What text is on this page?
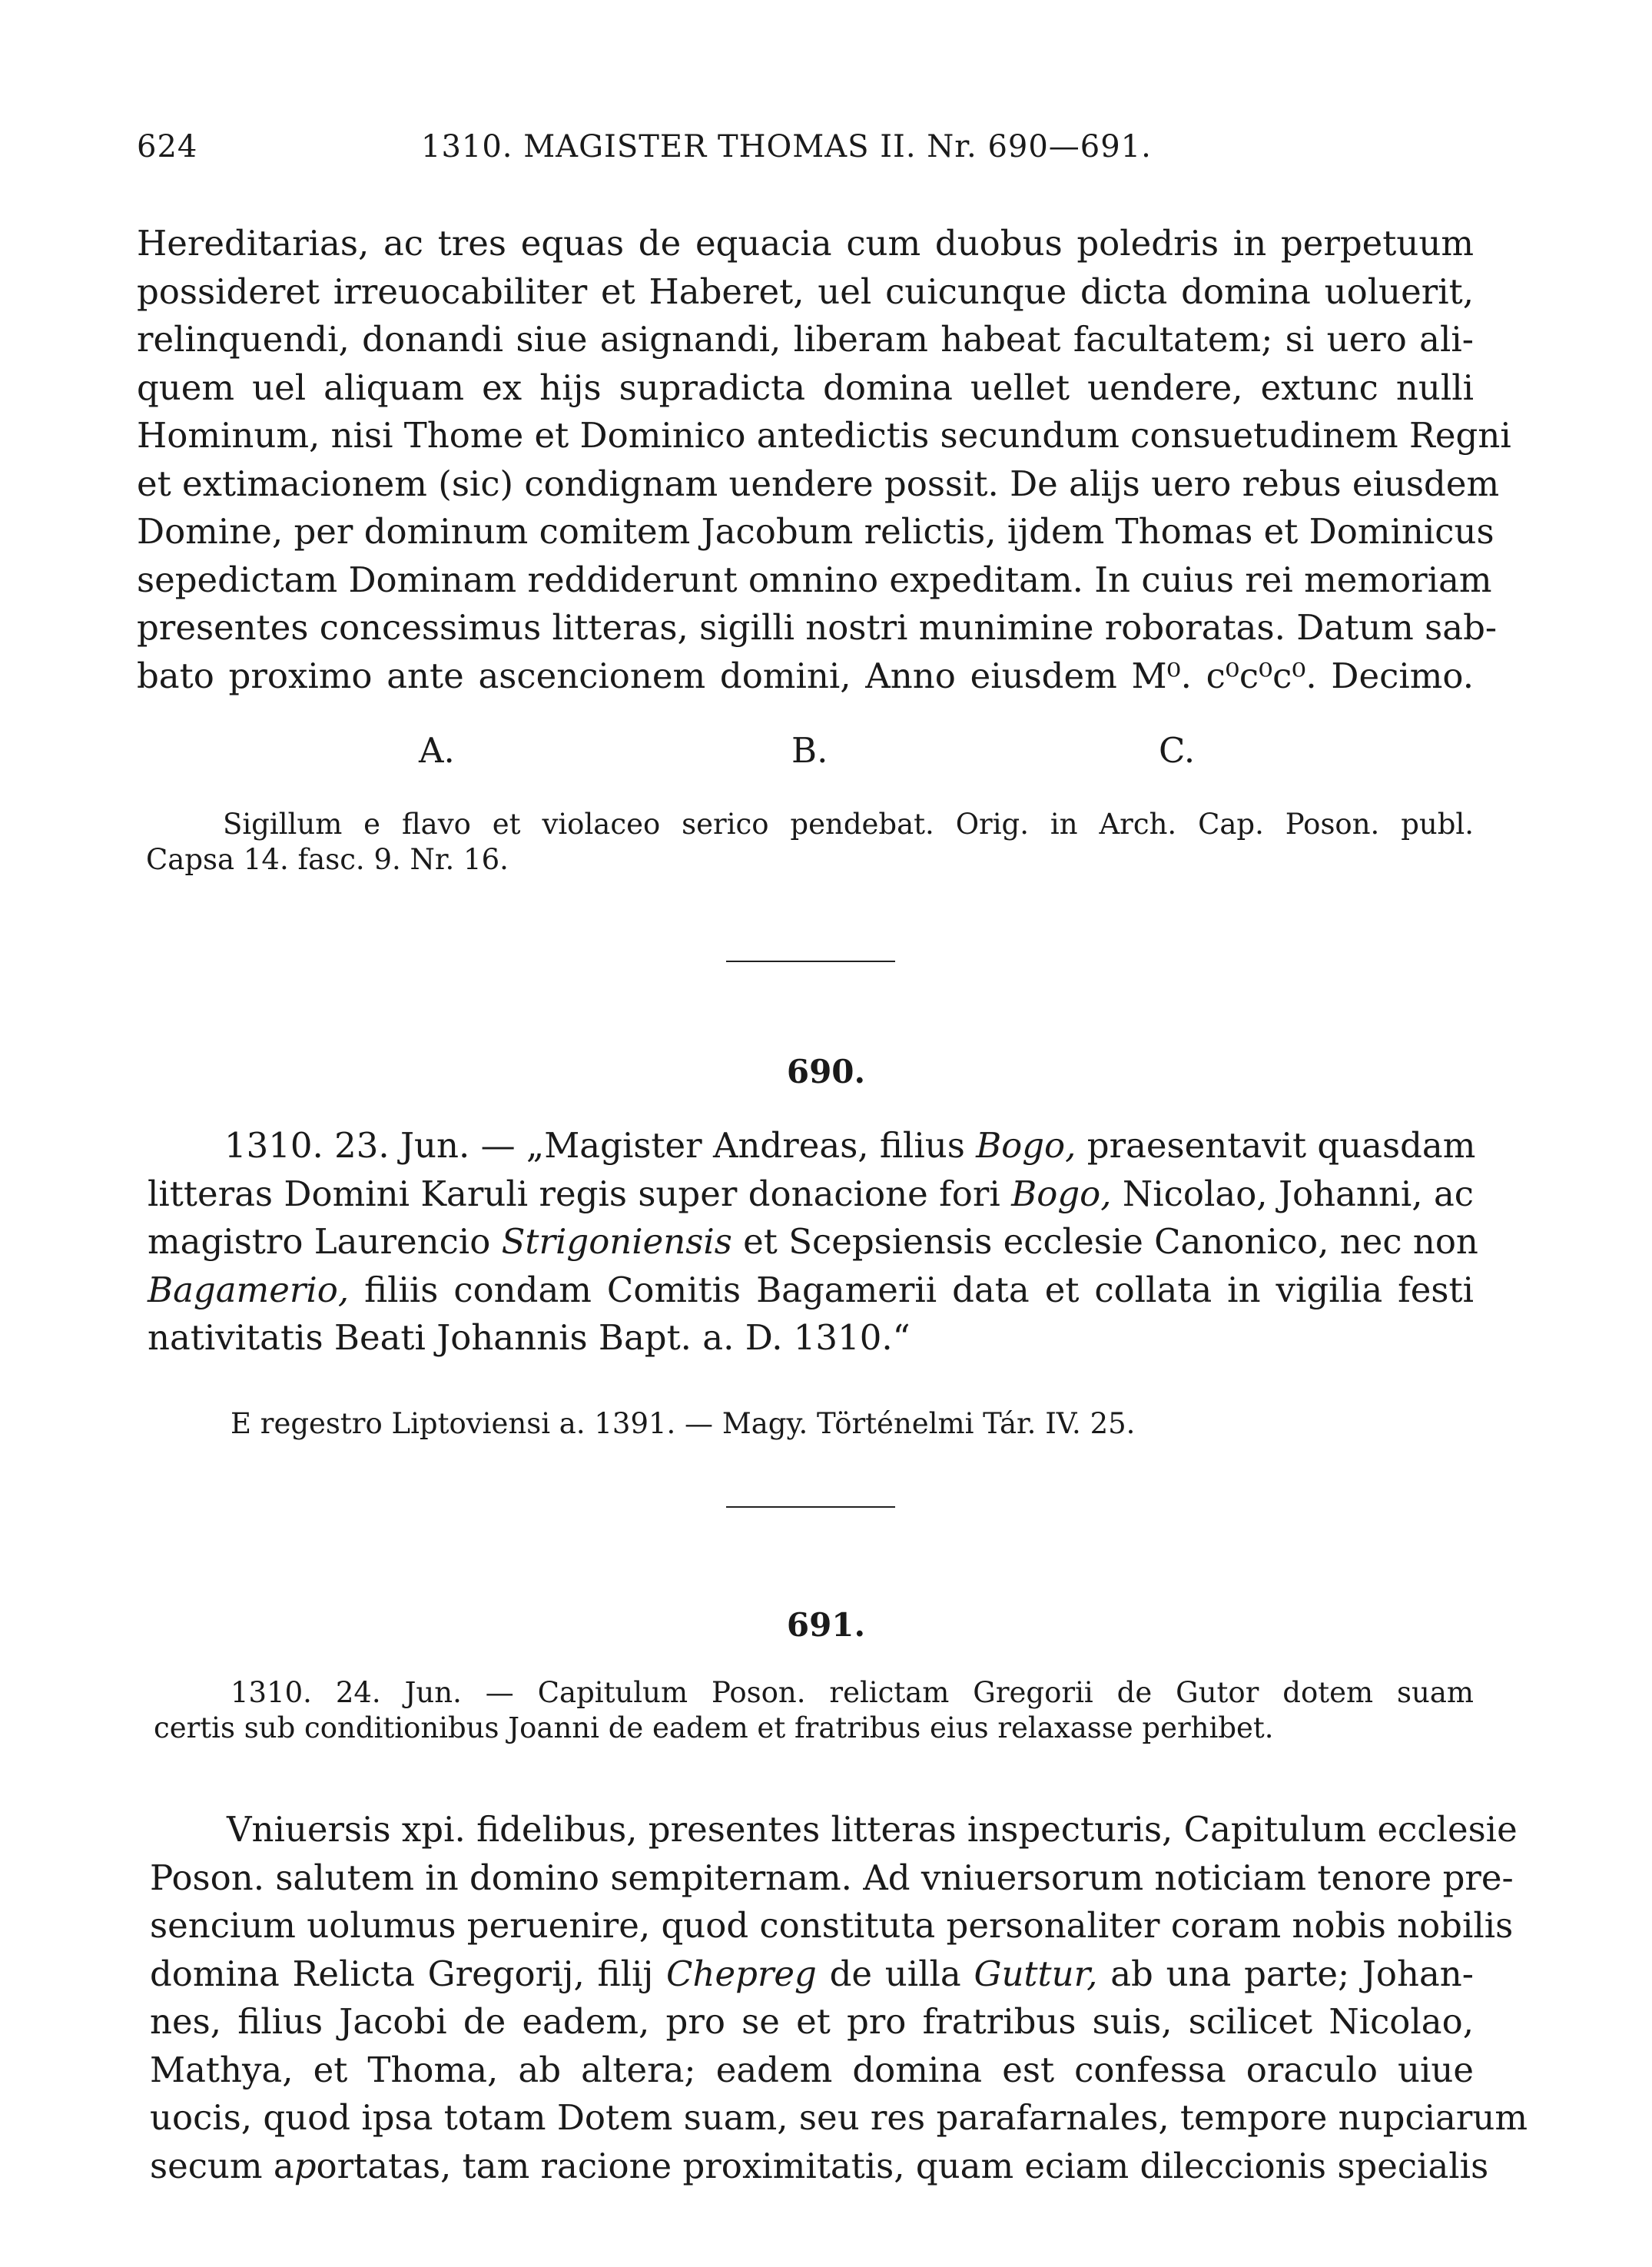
624	1310. MAGISTER THOMAS II. Nr. 690—691.
Hereditarias, ac tres equas de equacia cum duobus poledris in perpetuum
possideret irreuocabiliter et Haberet, uel cuicunque dicta domina uoluerit,
relinquendi, donandi siue asignandi, liberam habeat facultatem; si uero ali-
quem uel aliquam ex hijs supradicta domina uellet uendere, extunc nulli
Hominum, nisi Thome et Dominico antedictis secundum consuetudinem Regni
et extimacionem (sic) condignam uendere possit. De alijs uero rebus eiusdem
Domine, per dominum comitem Jacobum relictis, ijdem Thomas et Dominicus
sepedictam Dominam reddiderunt omnino expeditam. In cuius rei memoriam
presentes concessimus litteras, sigilli nostri munimine roboratas. Datum sab-
bato proximo ante ascencionem domini, Anno eiusdem M⁰. c⁰c⁰c⁰. Decimo.
A.	B.	C.
Sigillum e flavo et violaceo serico pendebat. Orig. in Arch. Cap. Poson. publ.
Capsa 14. fasc. 9. Nr. 16.
690.
1310. 23. Jun. — „Magister Andreas, filius Bogo, praesentavit quasdam
litteras Domini Karuli regis super donacione fori Bogo, Nicolao, Johanni, ac
magistro Laurencio Strigoniensis et Scepsiensis ecclesie Canonico, nec non
Bagamerio, filiis condam Comitis Bagamerii data et collata in vigilia festi
nativitatis Beati Johannis Bapt. a. D. 1310.“
E regestro Liptoviensi a. 1391. — Magy. Történelmi Tár. IV. 25.
691.
1310. 24. Jun. — Capitulum Poson. relictam Gregorii de Gutor dotem suam
certis sub conditionibus Joanni de eadem et fratribus eius relaxasse perhibet.
Vniuersis xpi. fidelibus, presentes litteras inspecturis, Capitulum ecclesie
Poson. salutem in domino sempiternam. Ad vniuersorum noticiam tenore pre-
sencium uolumus peruenire, quod constituta personaliter coram nobis nobilis
domina Relicta Gregorij, filij Chepreg de uilla Guttur, ab una parte; Johan-
nes, filius Jacobi de eadem, pro se et pro fratribus suis, scilicet Nicolao,
Mathya, et Thoma, ab altera; eadem domina est confessa oraculo uiue
uocis, quod ipsa totam Dotem suam, seu res parafarnales, tempore nupciarum
secum aportatas, tam racione proximitatis, quam eciam dileccionis specialis
